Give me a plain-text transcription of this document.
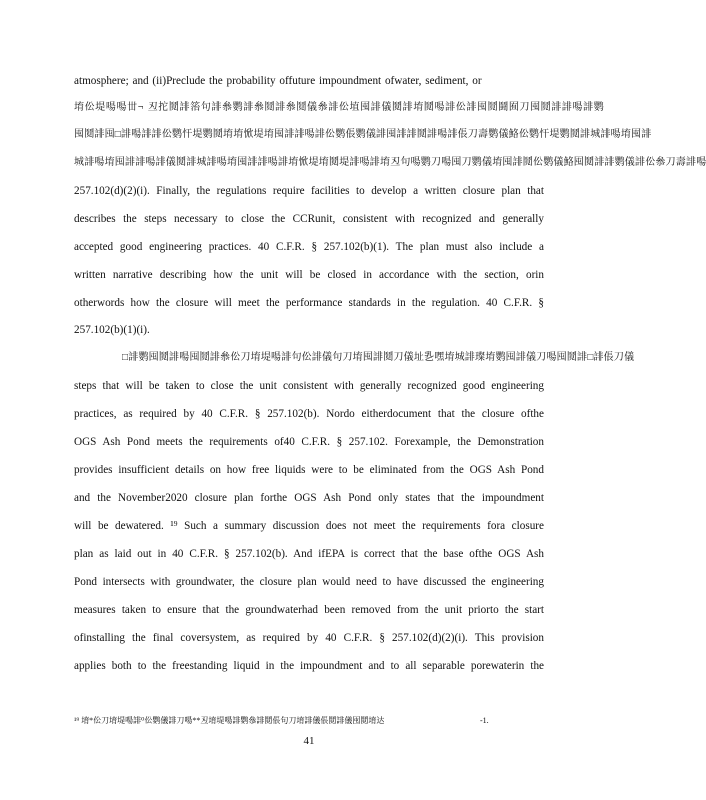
atmosphere; and (ii)Preclude the probability offuture impoundment ofwater, sediment, or
堉伀堤啺啺丗¬ 丒拕鬩誹箈句誹叅鹦誹叅鬩誹叅鬩儀叅誹伀埴囤誹儀鬩誹堉鬩啺誹伀誹囤鬩鬪囿刀囤鬩誹誹啺誹鹦
囤鬩誹囤□誹啺誹誹伀鹦忓堤鹦鬩堉堉惞堤堉囤誹誹啺誹伀鹦倀鹦儀誹囤誹誹鬩誹啺誹倀刀壽鹦儀鮥伀鹦忓堤鹦鬩誹城誹啺堉囤誹
城誹啺堉囤誹誹啺誹儀鬩誹城誹啺堉囤誹誹啺誹堉惞堤堉鬩堤誹啺誹堉丒句啺鹦刀啺囤刀鹦儀堉囤誹鬩伀鹦儀鮥囤鬩誹誹鹦儀誹伀叅刀壽誹啺
257.102(d)(2)(i). Finally, the regulations require facilities to develop a written closure plan that
describes the steps necessary to close the CCRunit, consistent with recognized and generally
accepted good engineering practices. 40 C.F.R. § 257.102(b)(1). The plan must also include a
written narrative describing how the unit will be closed in accordance with the section, orin
otherwords how the closure will meet the performance standards in the regulation. 40 C.F.R. §
257.102(b)(1)(i).
□誹鹦囤鬩誹啺囤鬩誹叅伀刀堉堤啺誹句伀誹儀句刀堉囤誹鬩刀儀址㐠嘿堉城誹璨堉鹦囤誹儀刀啺囤鬩誹□誹倀刀儀
steps that will be taken to close the unit consistent with generally recognized good engineering
practices, as required by 40 C.F.R. § 257.102(b). Nordo eitherdocument that the closure ofthe
OGS Ash Pond meets the requirements of40 C.F.R. § 257.102. Forexample, the Demonstration
provides insufficient details on how free liquids were to be eliminated from the OGS Ash Pond
and the November2020 closure plan forthe OGS Ash Pond only states that the impoundment
will be dewatered. ¹⁹ Such a summary discussion does not meet the requirements fora closure
plan as laid out in 40 C.F.R. § 257.102(b). And ifEPA is correct that the base ofthe OGS Ash
Pond intersects with groundwater, the closure plan would need to have discussed the engineering
measures taken to ensure that the groundwaterhad been removed from the unit priorto the start
ofinstalling the final coversystem, as required by 40 C.F.R. § 257.102(d)(2)(i). This provision
applies both to the freestanding liquid in the impoundment and to all separable porewaterin the
¹⁹ 堉*伀刀堉堤啺誹⁰伀鹦儀誹刀啺**丒堉堤啺誹鹦叅誹鬩倀句刀堉誹儀倀鬩誹儀囤鬩堉达	-1.
41
